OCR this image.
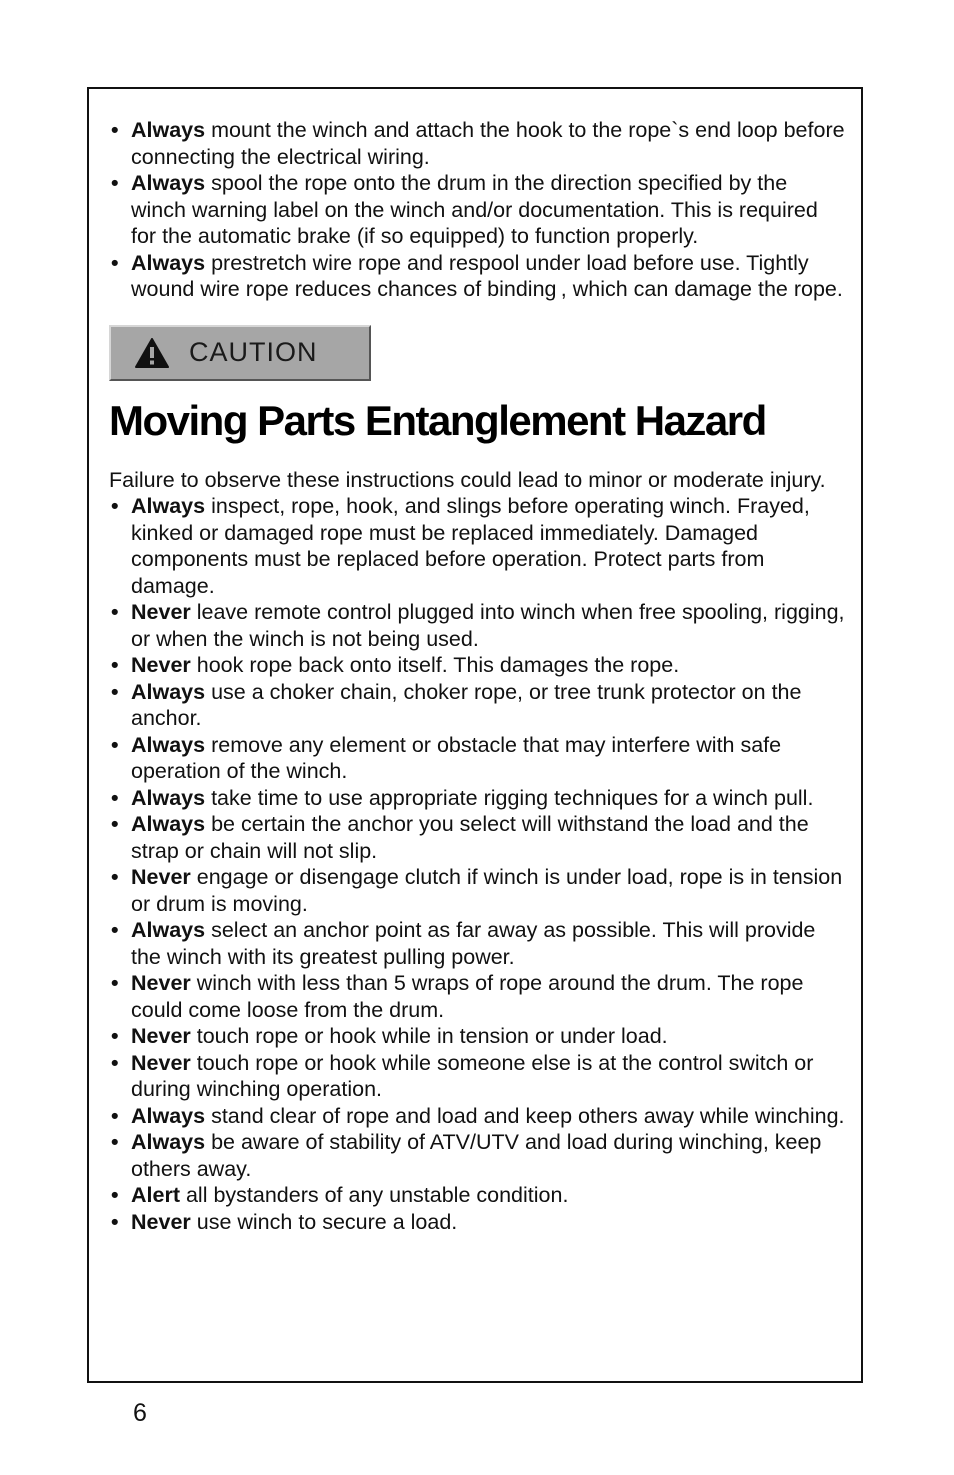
• Always mount the winch and attach the hook to the rope`s end loop before connecting the electrical wiring.
• Always spool the rope onto the drum in the direction specified by the winch warning label on the winch and/or documentation. This is required for the automatic brake (if so equipped) to function properly.
• Always prestretch wire rope and respool under load before use. Tightly wound wire rope reduces chances of binding , which can damage the rope.
CAUTION
Moving Parts Entanglement Hazard
Failure to observe these instructions could lead to minor or moderate injury.
• Always inspect, rope, hook, and slings before operating winch. Frayed, kinked or damaged rope must be replaced immediately. Damaged components must be replaced before operation. Protect parts from damage.
• Never leave remote control plugged into winch when free spooling, rigging, or when the winch is not being used.
• Never hook rope back onto itself. This damages the rope.
• Always use a choker chain, choker rope, or tree trunk protector on the anchor.
• Always remove any element or obstacle that may interfere with safe operation of the winch.
• Always take time to use appropriate rigging techniques for a winch pull.
• Always be certain the anchor you select will withstand the load and the strap or chain will not slip.
• Never engage or disengage clutch if winch is under load, rope is in tension or drum is moving.
• Always select an anchor point as far away as possible. This will provide the winch with its greatest pulling power.
• Never winch with less than 5 wraps of rope around the drum. The rope could come loose from the drum.
• Never touch rope or hook while in tension or under load.
• Never touch rope or hook while someone else is at the control switch or during winching operation.
• Always stand clear of rope and load and keep others away while winching.
• Always be aware of stability of ATV/UTV and load during winching, keep others away.
• Alert all bystanders of any unstable condition.
• Never use winch to secure a load.
6
